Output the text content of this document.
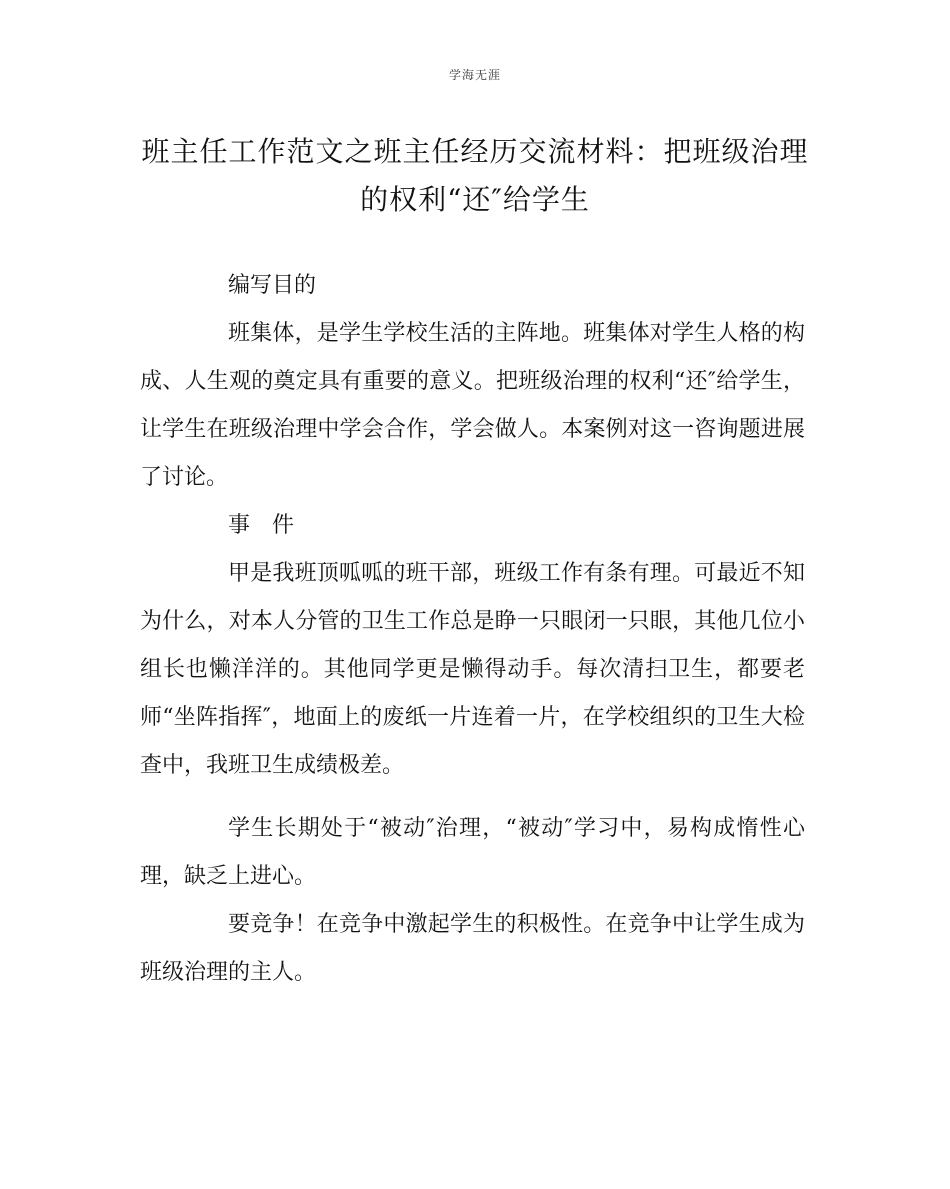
学海无涯
班主任工作范文之班主任经历交流材料：把班级治理的权利“还″给学生

编写目的

班集体，是学生学校生活的主阵地。班集体对学生人格的构成、人生观的奠定具有重要的意义。把班级治理的权利“还″给学生，让学生在班级治理中学会合作，学会做人。本案例对这一咨询题进展了讨论。

事　件

甲是我班顶呱呱的班干部，班级工作有条有理。可最近不知为什么，对本人分管的卫生工作总是睁一只眼闭一只眼，其他几位小组长也懒洋洋的。其他同学更是懒得动手。每次清扫卫生，都要老师“坐阵指挥″，地面上的废纸一片连着一片，在学校组织的卫生大检查中，我班卫生成绩极差。

学生长期处于“被动″治理，“被动″学习中，易构成惰性心理，缺乏上进心。

要竞争！在竞争中激起学生的积极性。在竞争中让学生成为班级治理的主人。
